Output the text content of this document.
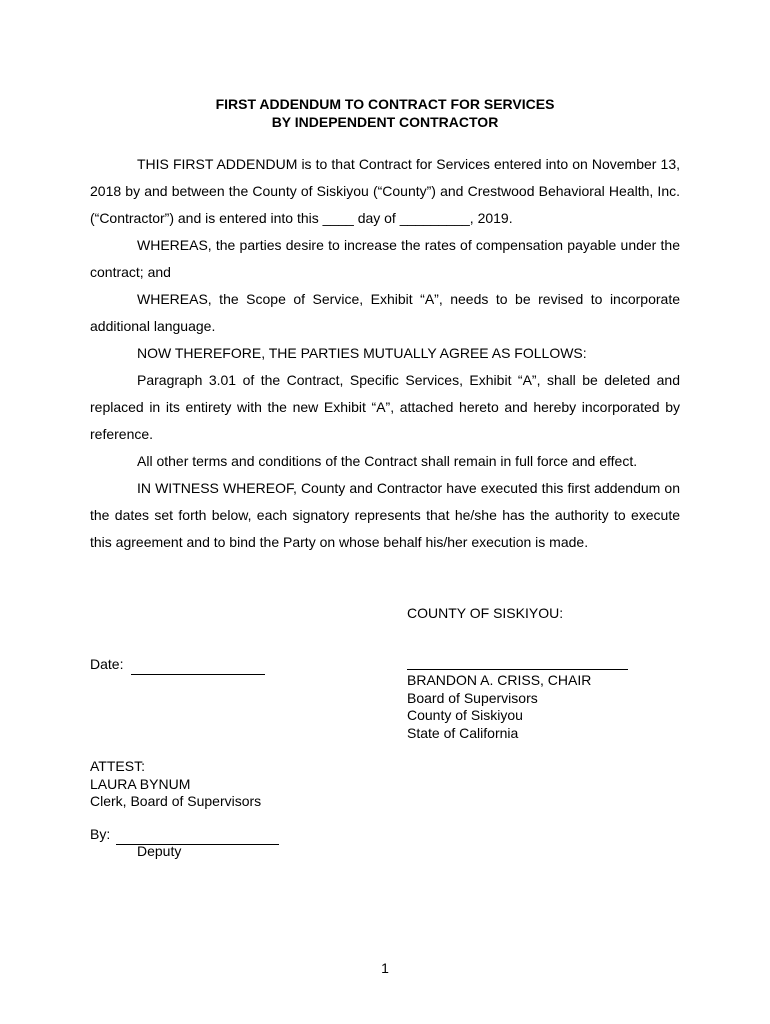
FIRST ADDENDUM TO CONTRACT FOR SERVICES
BY INDEPENDENT CONTRACTOR

THIS FIRST ADDENDUM is to that Contract for Services entered into on November 13, 2018 by and between the County of Siskiyou (“County”) and Crestwood Behavioral Health, Inc. (“Contractor”) and is entered into this ____ day of _________, 2019.

WHEREAS, the parties desire to increase the rates of compensation payable under the contract; and

WHEREAS, the Scope of Service, Exhibit “A”, needs to be revised to incorporate additional language.

NOW THEREFORE, THE PARTIES MUTUALLY AGREE AS FOLLOWS:

Paragraph 3.01 of the Contract, Specific Services, Exhibit “A”, shall be deleted and replaced in its entirety with the new Exhibit “A”, attached hereto and hereby incorporated by reference.

All other terms and conditions of the Contract shall remain in full force and effect.

IN WITNESS WHEREOF, County and Contractor have executed this first addendum on the dates set forth below, each signatory represents that he/she has the authority to execute this agreement and to bind the Party on whose behalf his/her execution is made.

COUNTY OF SISKIYOU:
Date:
BRANDON A. CRISS, CHAIR
Board of Supervisors
County of Siskiyou
State of California
ATTEST:
LAURA BYNUM
Clerk, Board of Supervisors
By:
Deputy
1
